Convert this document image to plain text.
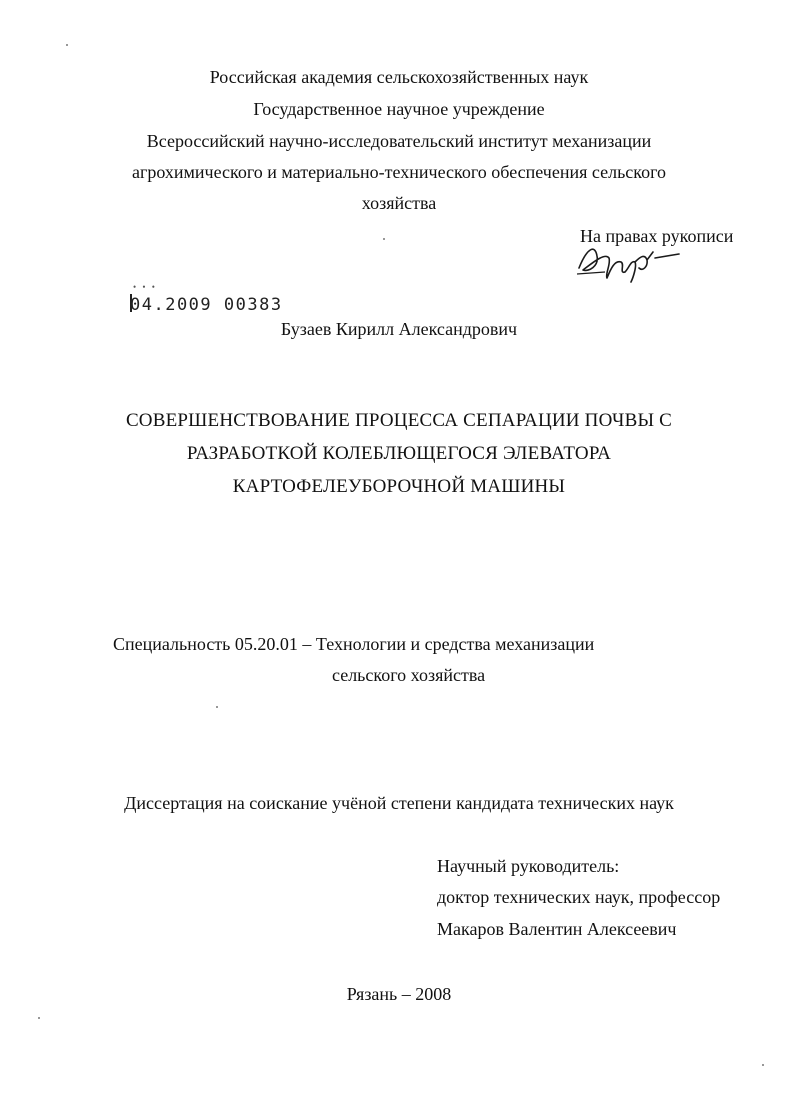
Российская академия сельскохозяйственных наук
Государственное научное учреждение
Всероссийский научно-исследовательский институт механизации
агрохимического и материально-технического обеспечения сельского
хозяйства
На правах рукописи
• • •
04.2009 00383
Бузаев Кирилл Александрович
СОВЕРШЕНСТВОВАНИЕ ПРОЦЕССА СЕПАРАЦИИ ПОЧВЫ С
РАЗРАБОТКОЙ КОЛЕБЛЮЩЕГОСЯ ЭЛЕВАТОРА
КАРТОФЕЛЕУБОРОЧНОЙ МАШИНЫ
Специальность 05.20.01 – Технологии и средства механизации
сельского хозяйства
Диссертация на соискание учёной степени кандидата технических наук
Научный руководитель:
доктор технических наук, профессор
Макаров Валентин Алексеевич
Рязань – 2008
